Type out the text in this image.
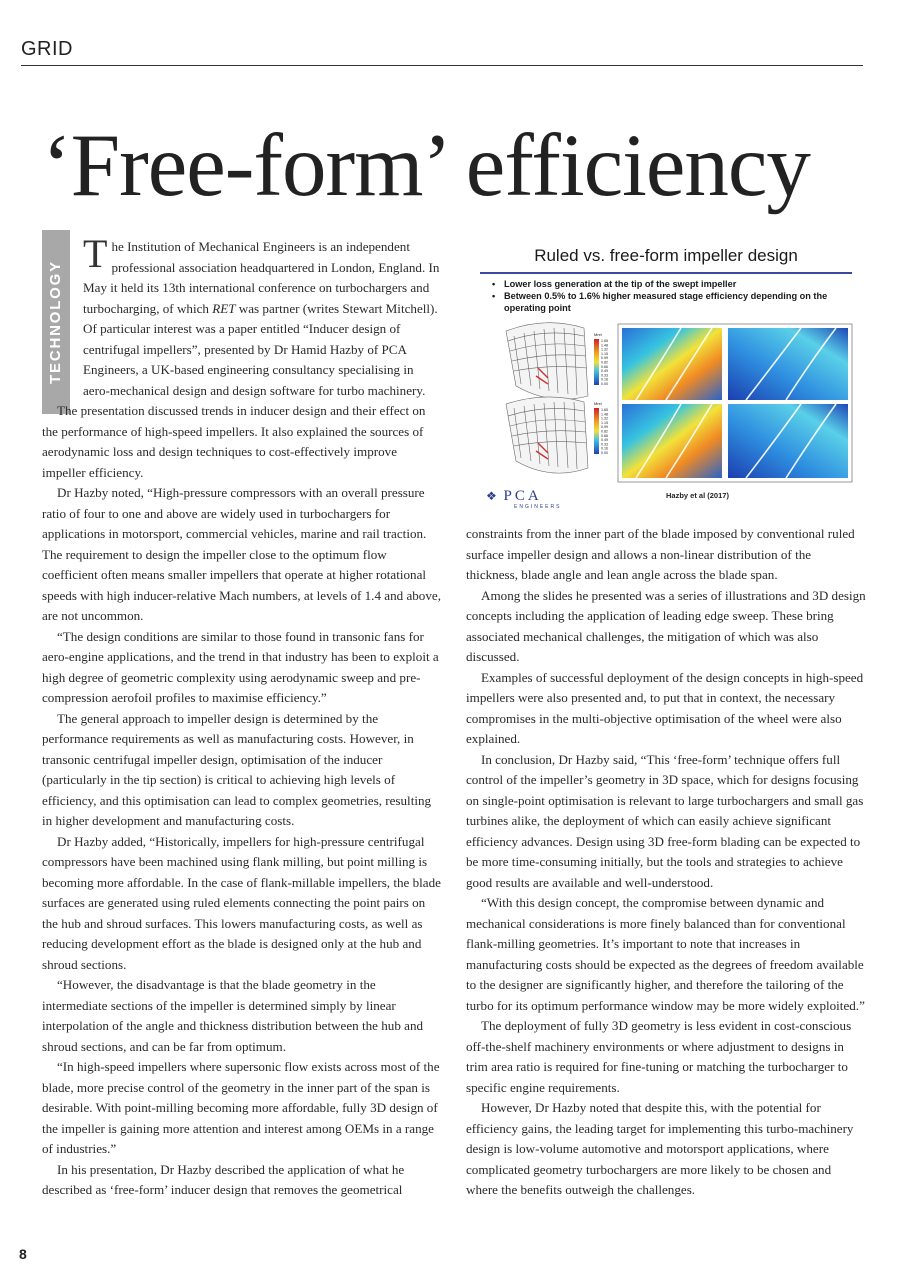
GRID
‘Free-form’ efficiency
TECHNOLOGY

The Institution of Mechanical Engineers is an independent professional association headquartered in London, England. In May it held its 13th international conference on turbochargers and turbocharging, of which RET was partner (writes Stewart Mitchell). Of particular interest was a paper entitled “Inducer design of centrifugal impellers”, presented by Dr Hamid Hazby of PCA Engineers, a UK-based engineering consultancy specialising in aero-mechanical design and design software for turbo machinery.

The presentation discussed trends in inducer design and their effect on the performance of high-speed impellers. It also explained the sources of aerodynamic loss and design techniques to cost-effectively improve impeller efficiency.

Dr Hazby noted, “High-pressure compressors with an overall pressure ratio of four to one and above are widely used in turbochargers for applications in motorsport, commercial vehicles, marine and rail traction. The requirement to design the impeller close to the optimum flow coefficient often means smaller impellers that operate at higher rotational speeds with high inducer-relative Mach numbers, at levels of 1.4 and above, are not uncommon.

“The design conditions are similar to those found in transonic fans for aero-engine applications, and the trend in that industry has been to exploit a high degree of geometric complexity using aerodynamic sweep and pre-compression aerofoil profiles to maximise efficiency.”

The general approach to impeller design is determined by the performance requirements as well as manufacturing costs. However, in transonic centrifugal impeller design, optimisation of the inducer (particularly in the tip section) is critical to achieving high levels of efficiency, and this optimisation can lead to complex geometries, resulting in higher development and manufacturing costs.

Dr Hazby added, “Historically, impellers for high-pressure centrifugal compressors have been machined using flank milling, but point milling is becoming more affordable. In the case of flank-millable impellers, the blade surfaces are generated using ruled elements connecting the point pairs on the hub and shroud surfaces. This lowers manufacturing costs, as well as reducing development effort as the blade is designed only at the hub and shroud sections.

“However, the disadvantage is that the blade geometry in the intermediate sections of the impeller is determined simply by linear interpolation of the angle and thickness distribution between the hub and shroud sections, and can be far from optimum.

“In high-speed impellers where supersonic flow exists across most of the blade, more precise control of the geometry in the inner part of the span is desirable. With point-milling becoming more affordable, fully 3D design of the impeller is gaining more attention and interest among OEMs in a range of industries.”

In his presentation, Dr Hazby described the application of what he described as ‘free-form’ inducer design that removes the geometrical

Ruled vs. free-form impeller design
• Lower loss generation at the tip of the swept impeller
• Between 0.5% to 1.6% higher measured stage efficiency depending on the operating point
Mrel
1.65
1.48
1.32
1.15
0.99
0.82
0.66
0.49
0.33
0.16
0.00
Mrel
1.65
1.48
1.32
1.15
0.99
0.82
0.66
0.49
0.33
0.16
0.00
❖ PCA
ENGINEERS
Hazby et al (2017)

constraints from the inner part of the blade imposed by conventional ruled surface impeller design and allows a non-linear distribution of the thickness, blade angle and lean angle across the blade span.

Among the slides he presented was a series of illustrations and 3D design concepts including the application of leading edge sweep. These bring associated mechanical challenges, the mitigation of which was also discussed.

Examples of successful deployment of the design concepts in high-speed impellers were also presented and, to put that in context, the necessary compromises in the multi-objective optimisation of the wheel were also explained.

In conclusion, Dr Hazby said, “This ‘free-form’ technique offers full control of the impeller’s geometry in 3D space, which for designs focusing on single-point optimisation is relevant to large turbochargers and small gas turbines alike, the deployment of which can easily achieve significant efficiency advances. Design using 3D free-form blading can be expected to be more time-consuming initially, but the tools and strategies to achieve good results are available and well-understood.

“With this design concept, the compromise between dynamic and mechanical considerations is more finely balanced than for conventional flank-milling geometries. It’s important to note that increases in manufacturing costs should be expected as the degrees of freedom available to the designer are significantly higher, and therefore the tailoring of the turbo for its optimum performance window may be more widely exploited.”

The deployment of fully 3D geometry is less evident in cost-conscious off-the-shelf machinery environments or where adjustment to designs in trim area ratio is required for fine-tuning or matching the turbocharger to specific engine requirements.

However, Dr Hazby noted that despite this, with the potential for efficiency gains, the leading target for implementing this turbo-machinery design is low-volume automotive and motorsport applications, where complicated geometry turbochargers are more likely to be chosen and where the benefits outweigh the challenges.

8
